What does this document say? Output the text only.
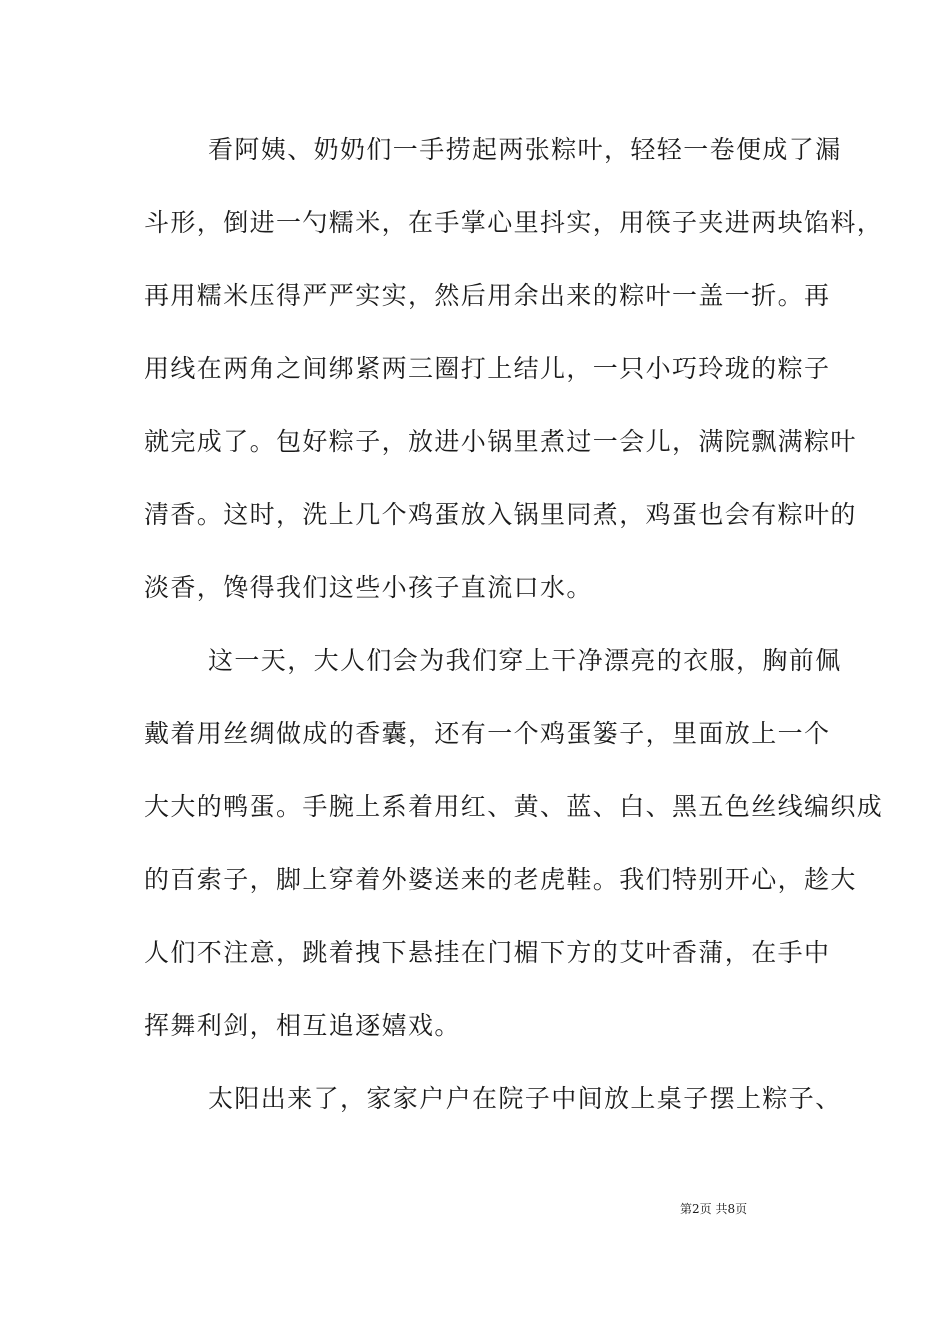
看阿姨、奶奶们一手捞起两张粽叶，轻轻一卷便成了漏
斗形，倒进一勺糯米，在手掌心里抖实，用筷子夹进两块馅料，
再用糯米压得严严实实，然后用余出来的粽叶一盖一折。再
用线在两角之间绑紧两三圈打上结儿，一只小巧玲珑的粽子
就完成了。包好粽子，放进小锅里煮过一会儿，满院飘满粽叶
清香。这时，洗上几个鸡蛋放入锅里同煮，鸡蛋也会有粽叶的
淡香，馋得我们这些小孩子直流口水。
这一天，大人们会为我们穿上干净漂亮的衣服，胸前佩
戴着用丝绸做成的香囊，还有一个鸡蛋篓子，里面放上一个
大大的鸭蛋。手腕上系着用红、黄、蓝、白、黑五色丝线编织成
的百索子，脚上穿着外婆送来的老虎鞋。我们特别开心，趁大
人们不注意，跳着拽下悬挂在门楣下方的艾叶香蒲，在手中
挥舞利剑，相互追逐嬉戏。
太阳出来了，家家户户在院子中间放上桌子摆上粽子、
第2页 共8页
